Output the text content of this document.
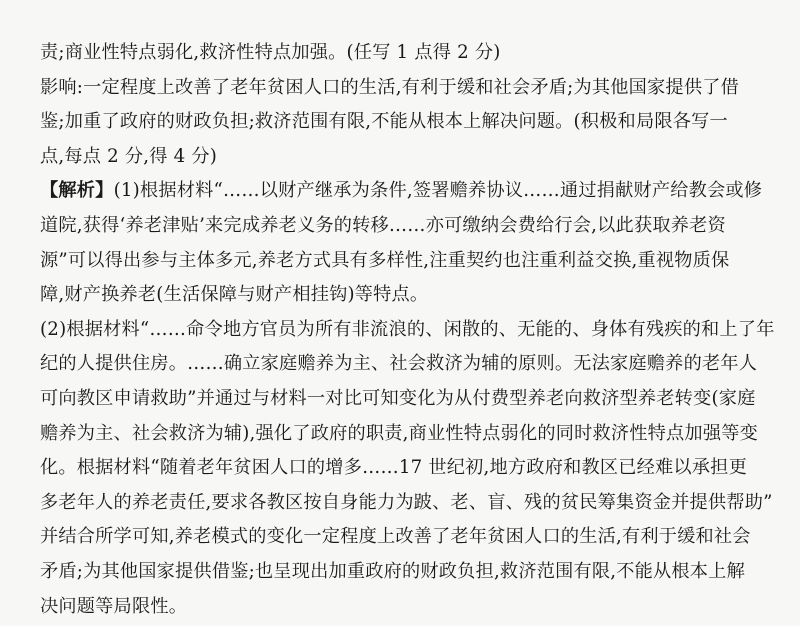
责;商业性特点弱化,救济性特点加强。(任写 1 点得 2 分)
影响:一定程度上改善了老年贫困人口的生活,有利于缓和社会矛盾;为其他国家提供了借
鉴;加重了政府的财政负担;救济范围有限,不能从根本上解决问题。(积极和局限各写一
点,每点 2 分,得 4 分)
【解析】(1)根据材料“……以财产继承为条件,签署赡养协议……通过捐献财产给教会或修
道院,获得‘养老津贴’来完成养老义务的转移……亦可缴纳会费给行会,以此获取养老资
源”可以得出参与主体多元,养老方式具有多样性,注重契约也注重利益交换,重视物质保
障,财产换养老(生活保障与财产相挂钩)等特点。
(2)根据材料“……命令地方官员为所有非流浪的、闲散的、无能的、身体有残疾的和上了年
纪的人提供住房。……确立家庭赡养为主、社会救济为辅的原则。无法家庭赡养的老年人
可向教区申请救助”并通过与材料一对比可知变化为从付费型养老向救济型养老转变(家庭
赡养为主、社会救济为辅),强化了政府的职责,商业性特点弱化的同时救济性特点加强等变
化。根据材料“随着老年贫困人口的增多……17 世纪初,地方政府和教区已经难以承担更
多老年人的养老责任,要求各教区按自身能力为跛、老、盲、残的贫民筹集资金并提供帮助”
并结合所学可知,养老模式的变化一定程度上改善了老年贫困人口的生活,有利于缓和社会
矛盾;为其他国家提供借鉴;也呈现出加重政府的财政负担,救济范围有限,不能从根本上解
决问题等局限性。
